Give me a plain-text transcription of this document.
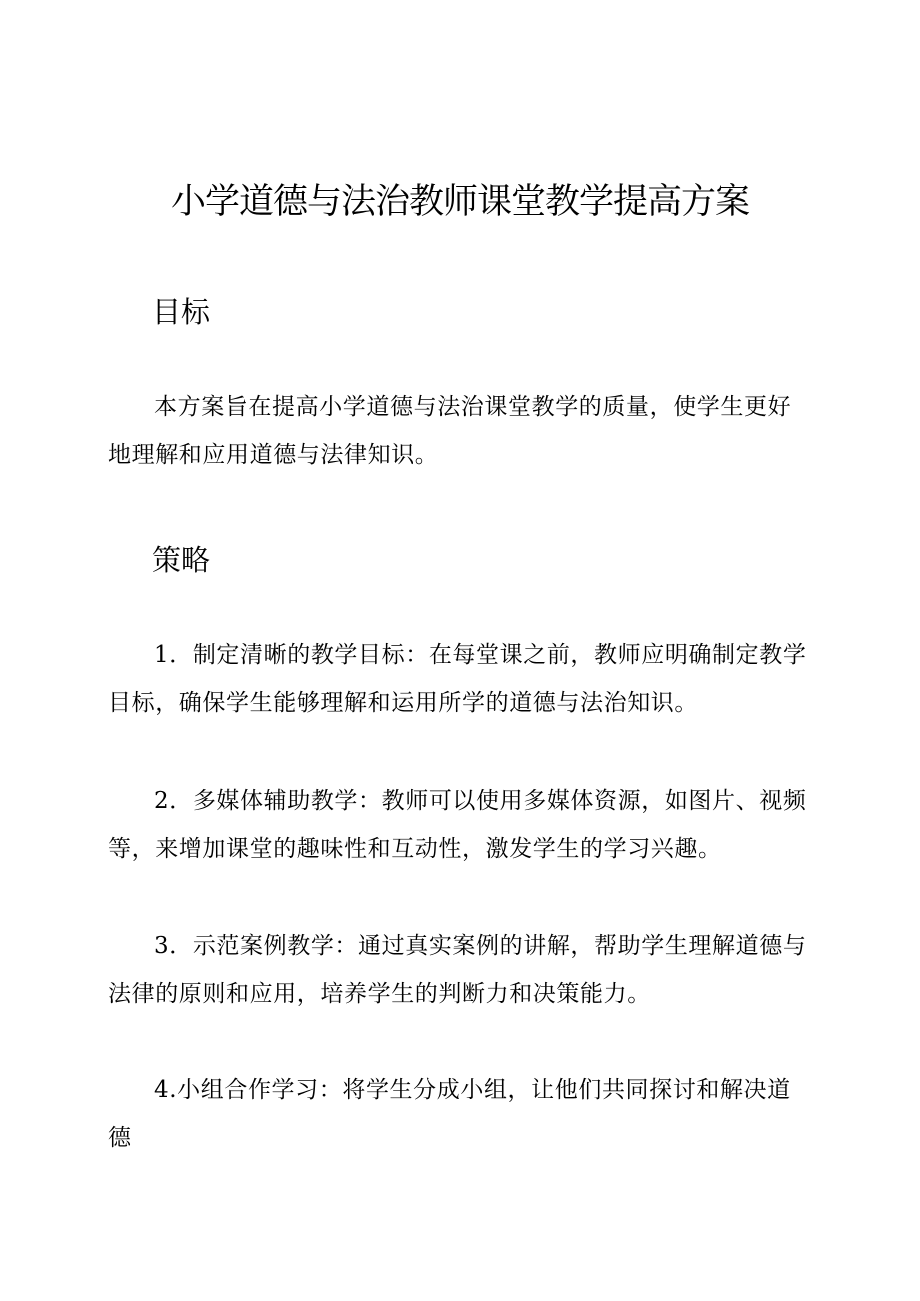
小学道德与法治教师课堂教学提高方案
目标

本方案旨在提高小学道德与法治课堂教学的质量，使学生更好地理解和应用道德与法律知识。

策略

1．制定清晰的教学目标：在每堂课之前，教师应明确制定教学目标，确保学生能够理解和运用所学的道德与法治知识。

2．多媒体辅助教学：教师可以使用多媒体资源，如图片、视频等，来增加课堂的趣味性和互动性，激发学生的学习兴趣。

3．示范案例教学：通过真实案例的讲解，帮助学生理解道德与法律的原则和应用，培养学生的判断力和决策能力。

4.小组合作学习：将学生分成小组，让他们共同探讨和解决道德
